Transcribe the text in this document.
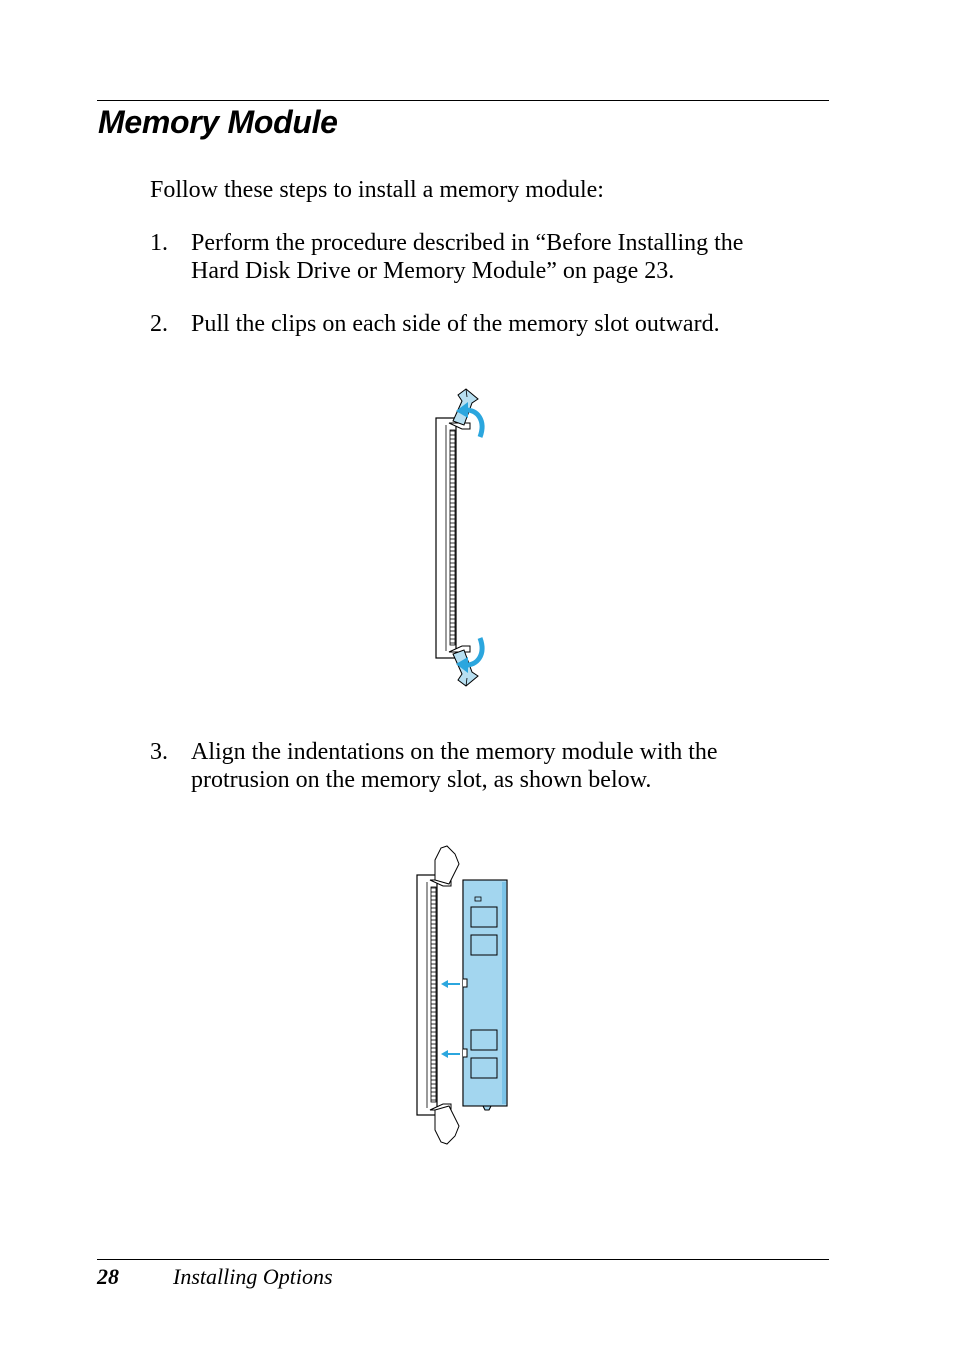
Memory Module
Follow these steps to install a memory module:
1. Perform the procedure described in “Before Installing the
Hard Disk Drive or Memory Module” on page 23.
2. Pull the clips on each side of the memory slot outward.
3. Align the indentations on the memory module with the
protrusion on the memory slot, as shown below.
28 Installing Options
